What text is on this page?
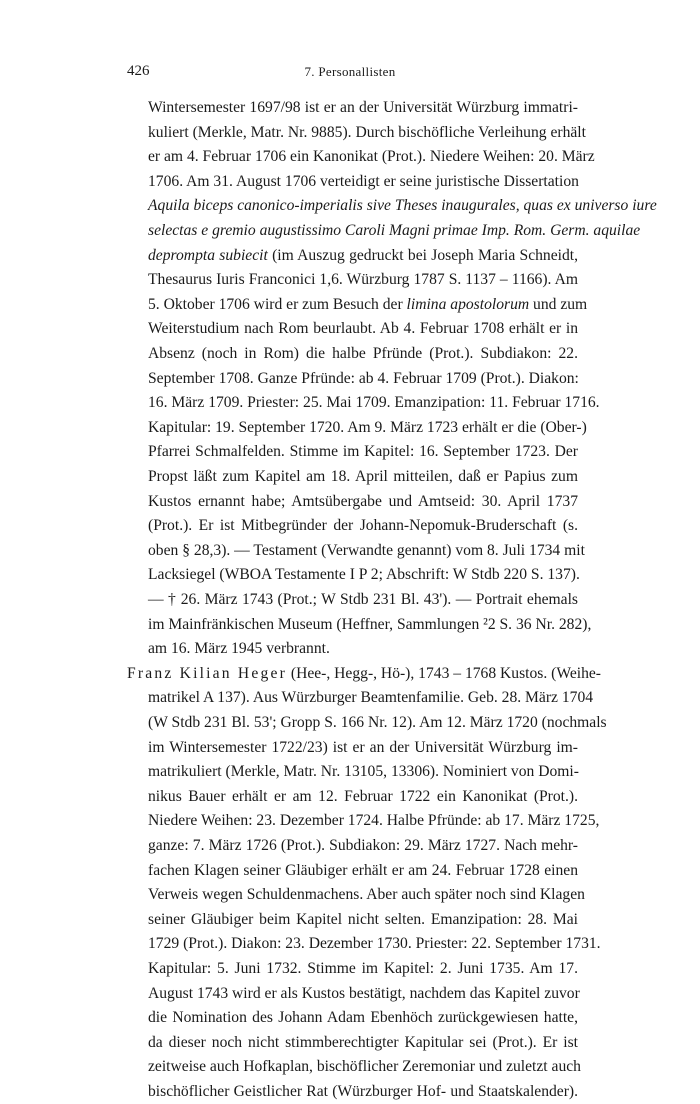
426	7. Personallisten
Wintersemester 1697/98 ist er an der Universität Würzburg immatri-
kuliert (Merkle, Matr. Nr. 9885). Durch bischöfliche Verleihung erhält
er am 4. Februar 1706 ein Kanonikat (Prot.). Niedere Weihen: 20. März
1706. Am 31. August 1706 verteidigt er seine juristische Dissertation
Aquila biceps canonico-imperialis sive Theses inaugurales, quas ex universo iure
selectas e gremio augustissimo Caroli Magni primae Imp. Rom. Germ. aquilae
deprompta subiecit (im Auszug gedruckt bei Joseph Maria Schneidt,
Thesaurus Iuris Franconici 1,6. Würzburg 1787 S. 1137 – 1166). Am
5. Oktober 1706 wird er zum Besuch der limina apostolorum und zum
Weiterstudium nach Rom beurlaubt. Ab 4. Februar 1708 erhält er in
Absenz (noch in Rom) die halbe Pfründe (Prot.). Subdiakon: 22.
September 1708. Ganze Pfründe: ab 4. Februar 1709 (Prot.). Diakon:
16. März 1709. Priester: 25. Mai 1709. Emanzipation: 11. Februar 1716.
Kapitular: 19. September 1720. Am 9. März 1723 erhält er die (Ober-)
Pfarrei Schmalfelden. Stimme im Kapitel: 16. September 1723. Der
Propst läßt zum Kapitel am 18. April mitteilen, daß er Papius zum
Kustos ernannt habe; Amtsübergabe und Amtseid: 30. April 1737
(Prot.). Er ist Mitbegründer der Johann-Nepomuk-Bruderschaft (s.
oben § 28,3). — Testament (Verwandte genannt) vom 8. Juli 1734 mit
Lacksiegel (WBOA Testamente I P 2; Abschrift: W Stdb 220 S. 137).
— † 26. März 1743 (Prot.; W Stdb 231 Bl. 43'). — Portrait ehemals
im Mainfränkischen Museum (Heffner, Sammlungen ²2 S. 36 Nr. 282),
am 16. März 1945 verbrannt.
Franz Kilian Heger (Hee-, Hegg-, Hö-), 1743 – 1768 Kustos. (Weihe-
matrikel A 137). Aus Würzburger Beamtenfamilie. Geb. 28. März 1704
(W Stdb 231 Bl. 53'; Gropp S. 166 Nr. 12). Am 12. März 1720 (nochmals
im Wintersemester 1722/23) ist er an der Universität Würzburg im-
matrikuliert (Merkle, Matr. Nr. 13105, 13306). Nominiert von Domi-
nikus Bauer erhält er am 12. Februar 1722 ein Kanonikat (Prot.).
Niedere Weihen: 23. Dezember 1724. Halbe Pfründe: ab 17. März 1725,
ganze: 7. März 1726 (Prot.). Subdiakon: 29. März 1727. Nach mehr-
fachen Klagen seiner Gläubiger erhält er am 24. Februar 1728 einen
Verweis wegen Schuldenmachens. Aber auch später noch sind Klagen
seiner Gläubiger beim Kapitel nicht selten. Emanzipation: 28. Mai
1729 (Prot.). Diakon: 23. Dezember 1730. Priester: 22. September 1731.
Kapitular: 5. Juni 1732. Stimme im Kapitel: 2. Juni 1735. Am 17.
August 1743 wird er als Kustos bestätigt, nachdem das Kapitel zuvor
die Nomination des Johann Adam Ebenhöch zurückgewiesen hatte,
da dieser noch nicht stimmberechtigter Kapitular sei (Prot.). Er ist
zeitweise auch Hofkaplan, bischöflicher Zeremoniar und zuletzt auch
bischöflicher Geistlicher Rat (Würzburger Hof- und Staatskalender).
